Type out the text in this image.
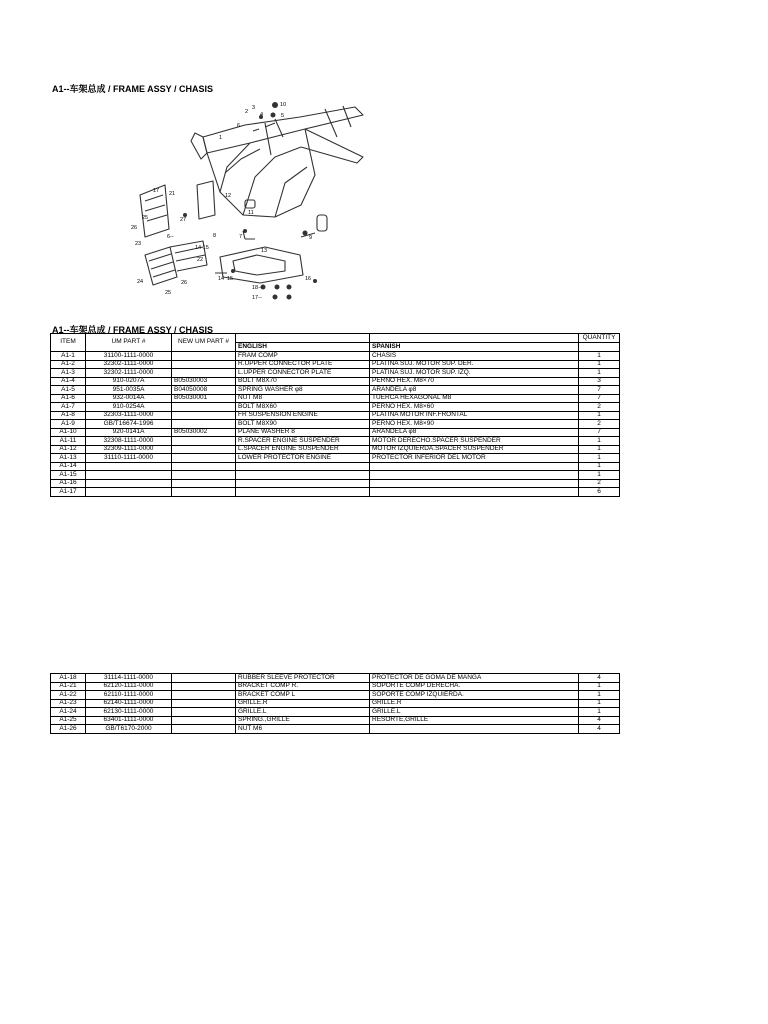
A1--车架总成 / FRAME ASSY / CHASIS
1
2
3
4	5
6
7
8	9
10
11
12
13
14 15	16
17 21
22
23
24
25
26
27
18--
17--
25
26
6--
14 15
A1--车架总成 / FRAME ASSY / CHASIS
ITEM	UM PART #	NEW UM PART #			QUANTITY
			ENGLISH	SPANISH	
A1-1	31100-1111-0000		FRAM COMP	CHASIS	1
A1-2	32302-1111-0000		R.UPPER CONNECTOR PLATE	PLATINA SUJ. MOTOR SUP. DER.	1
A1-3	32302-1111-0000		L.UPPER CONNECTOR PLATE	PLATINA SUJ. MOTOR SUP. IZQ.	1
A1-4	910-0207A	B05030003	BOLT M8X70	PERNO HEX. M8×70	3
A1-5	951-0035A	B04050008	SPRING WASHER φ8	ARANDELA φ8	7
A1-6	932-0014A	B05030001	NUT M8	TUERCA HEXAGONAL M8	7
A1-7	910-0254A		BOLT M8X60	PERNO HEX. M8×60	2
A1-8	32303-1111-0000		FR SUSPENSION ENGINE	PLATINA MOTOR INF.FRONTAL	1
A1-9	GB/T16674-1996		BOLT M8X90	PERNO HEX. M8×90	2
A1-10	920-0141A	B05030002	PLANE WASHER 8	ARANDELA φ8	7
A1-11	32308-1111-0000		R.SPACER ENGINE SUSPENDER	MOTOR DERECHO.SPACER SUSPENDER	1
A1-12	32309-1111-0000		L.SPACER ENGINE SUSPENDER	MOTOR IZQUIERDA.SPACER SUSPENDER	1
A1-13	31110-1111-0000		LOWER PROTECTOR ENGINE	PROTECTOR INFERIOR DEL MOTOR	1
A1-14					1
A1-15					1
A1-16					2
A1-17					6
A1-18	31114-1111-0000		RUBBER SLEEVE PROTECTOR	PROTECTOR DE GOMA DE MANGA	4
A1-21	62120-1111-0000		BRACKET COMP R.	SOPORTE COMP DERECHA.	1
A1-22	62110-1111-0000		BRACKET COMP L	SOPORTE COMP IZQUIERDA.	1
A1-23	62140-1111-0000		GRILLE.R	GRILLE.R	1
A1-24	62130-1111-0000		GRILLE.L	GRILLE.L	1
A1-25	63401-1111-0000		SPRING.,GRILLE	RESORTE,GRILLE	4
A1-26	GB/T6170-2000		NUT M6		4
